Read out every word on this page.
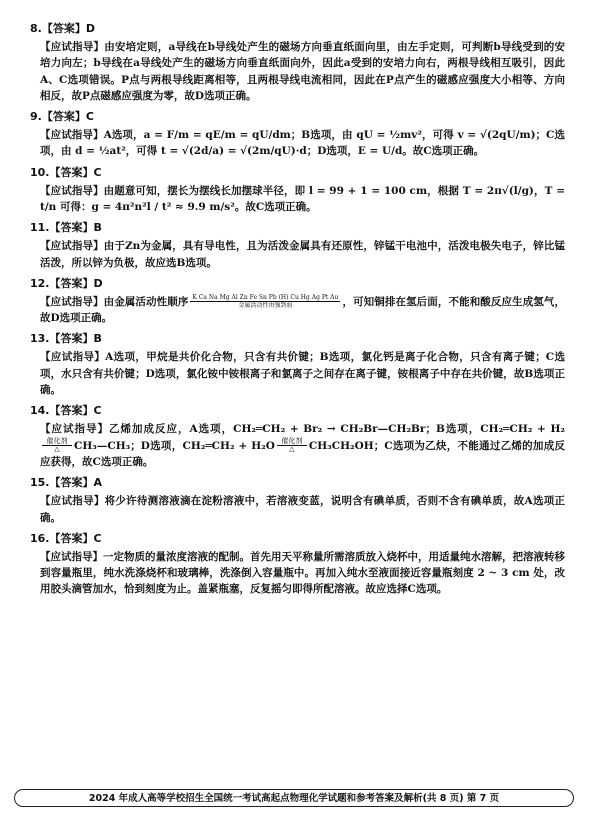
8.【答案】D
【应试指导】由安培定则，a导线在b导线处产生的磁场方向垂直纸面向里，由左手定则，可判断b导线受到的安培力向左；b导线在a导线处产生的磁场方向垂直纸面向外，因此a受到的安培力向右，两根导线相互吸引，因此A、C选项错误。P点与两根导线距离相等，且两根导线电流相同，因此在P点产生的磁感应强度大小相等、方向相反，故P点磁感应强度为零，故D选项正确。
9.【答案】C
【应试指导】A选项，a = F/m = qE/m = qU/dm；B选项，由 qU = ½mv²，可得 v = √(2qU/m)；C选项，由 d = ½at²，可得 t = √(2d/a) = √(2m/qU)·d；D选项，E = U/d。故C选项正确。
10.【答案】C
【应试指导】由题意可知，摆长为摆线长加摆球半径，即 l = 99 + 1 = 100 cm，根据 T = 2π√(l/g)，T = t/n 可得：g = 4π²n²l / t² ≈ 9.9 m/s²。故C选项正确。
11.【答案】B
【应试指导】由于Zn为金属，具有导电性，且为活泼金属具有还原性，锌锰干电池中，活泼电极失电子，锌比锰活泼，所以锌为负极，故应选B选项。
12.【答案】D
【应试指导】由金属活动性顺序 K Ca Na Mg Al Zn Fe Sn Pb (H) Cu Hg Ag Pt Au
金属活动性由强到弱	，可知铜排在氢后面，不能和酸反应生成氢气，故D选项正确。
13.【答案】B
【应试指导】A选项，甲烷是共价化合物，只含有共价键；B选项，氯化钙是离子化合物，只含有离子键；C选项，水只含有共价键；D选项，氯化铵中铵根离子和氯离子之间存在离子键，铵根离子中存在共价键，故B选项正确。
14.【答案】C
【应试指导】乙烯加成反应，A选项，CH₂═CH₂ + Br₂ → CH₂Br—CH₂Br；B选项，CH₂═CH₂ + H₂
催化剂
△	CH₃—CH₃；D选项，CH₂═CH₂ + H₂O 催化剂
△	CH₃CH₂OH；C选项为乙炔，不能通过乙烯的加成反应获得，故C选项正确。
15.【答案】A
【应试指导】将少许待测溶液滴在淀粉溶液中，若溶液变蓝，说明含有碘单质，否则不含有碘单质，故A选项正确。
16.【答案】C
【应试指导】一定物质的量浓度溶液的配制。首先用天平称量所需溶质放入烧杯中，用适量纯水溶解，把溶液转移到容量瓶里，纯水洗涤烧杯和玻璃棒，洗涤倒入容量瓶中。再加入纯水至液面接近容量瓶刻度 2 ~ 3 cm 处，改用胶头滴管加水，恰到刻度为止。盖紧瓶塞，反复摇匀即得所配溶液。故应选择C选项。
2024 年成人高等学校招生全国统一考试高起点物理化学试题和参考答案及解析(共 8 页) 第 7 页
